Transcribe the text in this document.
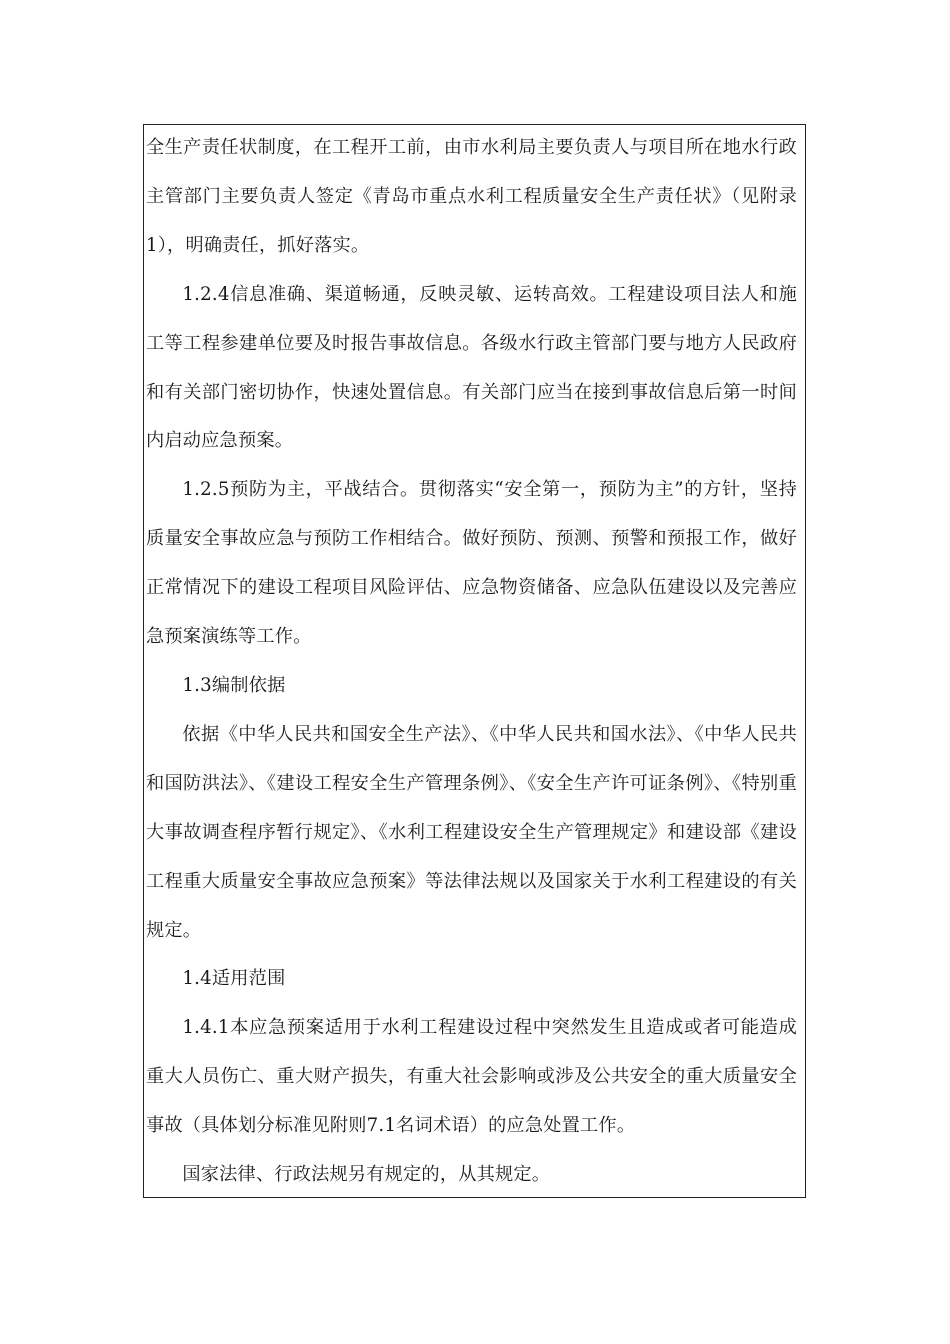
全生产责任状制度，在工程开工前，由市水利局主要负责人与项目所在地水行政主管部门主要负责人签定《青岛市重点水利工程质量安全生产责任状》（见附录1），明确责任，抓好落实。

1.2.4信息准确、渠道畅通，反映灵敏、运转高效。工程建设项目法人和施工等工程参建单位要及时报告事故信息。各级水行政主管部门要与地方人民政府和有关部门密切协作，快速处置信息。有关部门应当在接到事故信息后第一时间内启动应急预案。

1.2.5预防为主，平战结合。贯彻落实“安全第一，预防为主”的方针，坚持质量安全事故应急与预防工作相结合。做好预防、预测、预警和预报工作，做好正常情况下的建设工程项目风险评估、应急物资储备、应急队伍建设以及完善应急预案演练等工作。

1.3编制依据

依据《中华人民共和国安全生产法》、《中华人民共和国水法》、《中华人民共和国防洪法》、《建设工程安全生产管理条例》、《安全生产许可证条例》、《特别重大事故调查程序暂行规定》、《水利工程建设安全生产管理规定》和建设部《建设工程重大质量安全事故应急预案》等法律法规以及国家关于水利工程建设的有关规定。

1.4适用范围

1.4.1本应急预案适用于水利工程建设过程中突然发生且造成或者可能造成重大人员伤亡、重大财产损失，有重大社会影响或涉及公共安全的重大质量安全事故（具体划分标准见附则7.1名词术语）的应急处置工作。

国家法律、行政法规另有规定的，从其规定。
